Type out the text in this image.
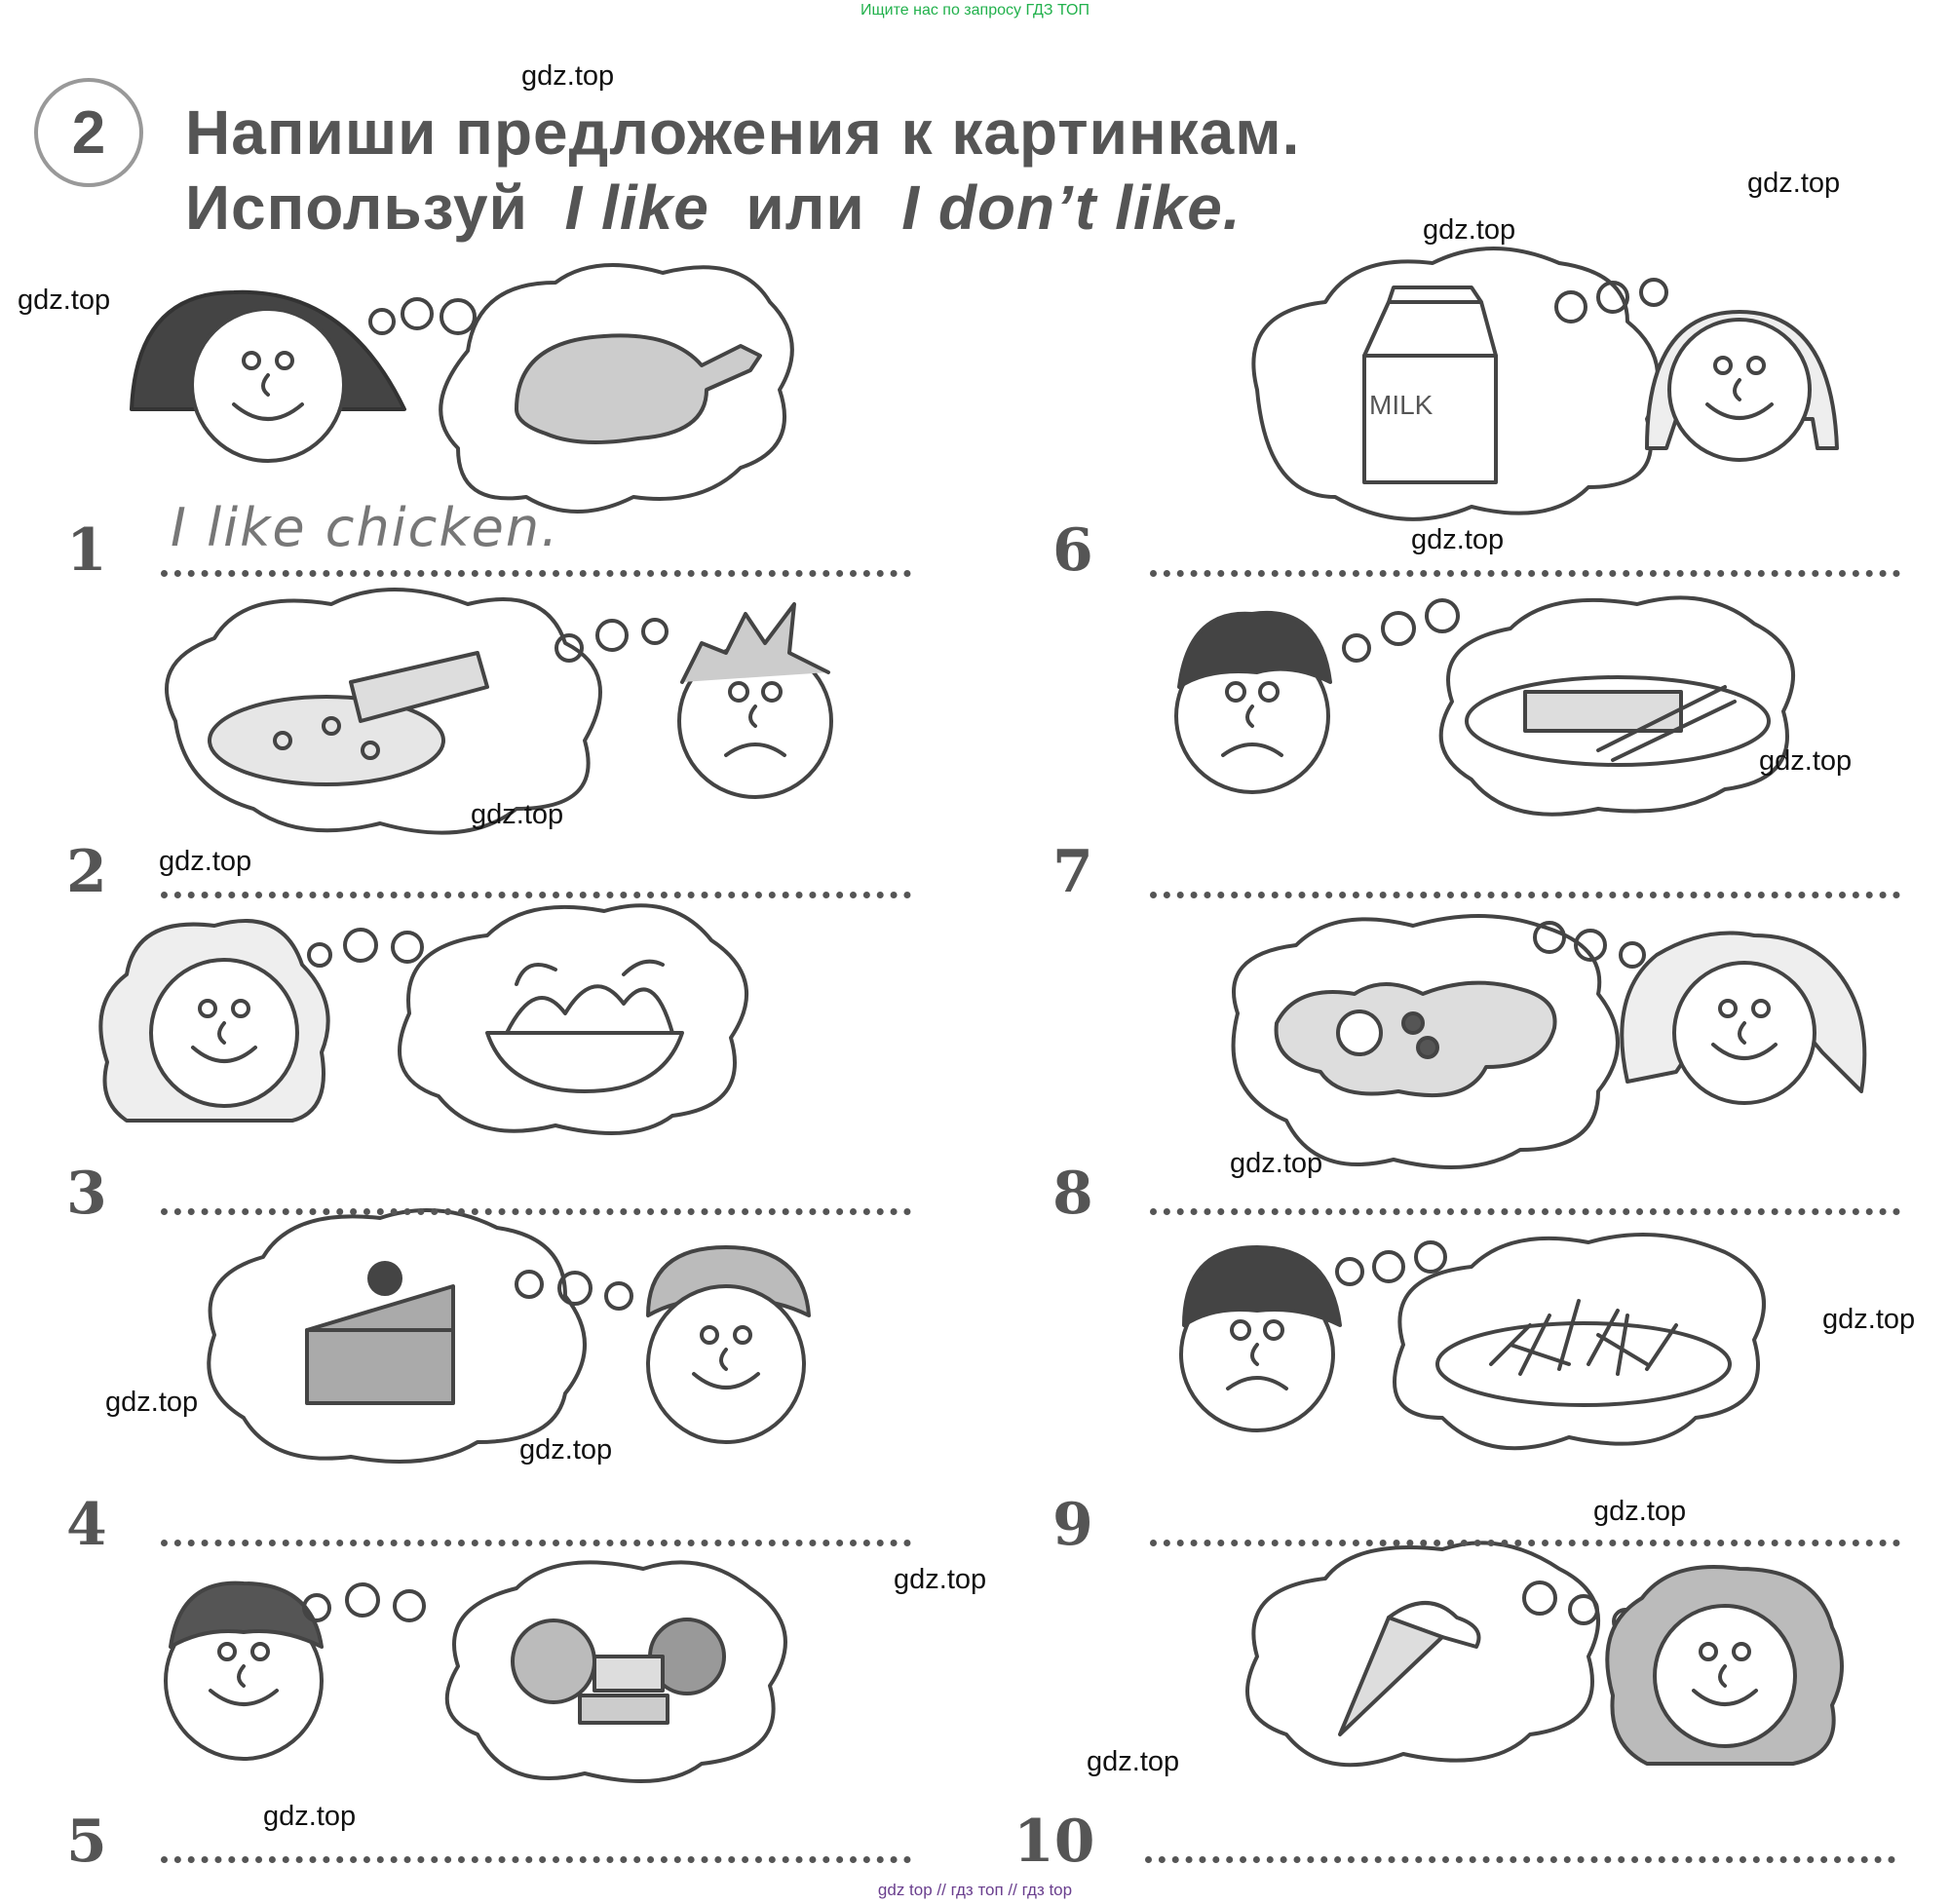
Ищите нас по запросу ГДЗ ТОП
2 Напиши предложения к картинкам.
Используй I like или I don’t like.
MILK
1 I like chicken.
2
3
4
5
6
7
8
9
10
gdz.top
gdz.top
gdz.top
gdz.top
gdz.top
gdz.top
gdz.top
gdz.top
gdz.top
gdz.top
gdz.top
gdz.top
gdz.top
gdz.top
gdz.top
gdz.top
gdz top // гдз топ // гдз top
